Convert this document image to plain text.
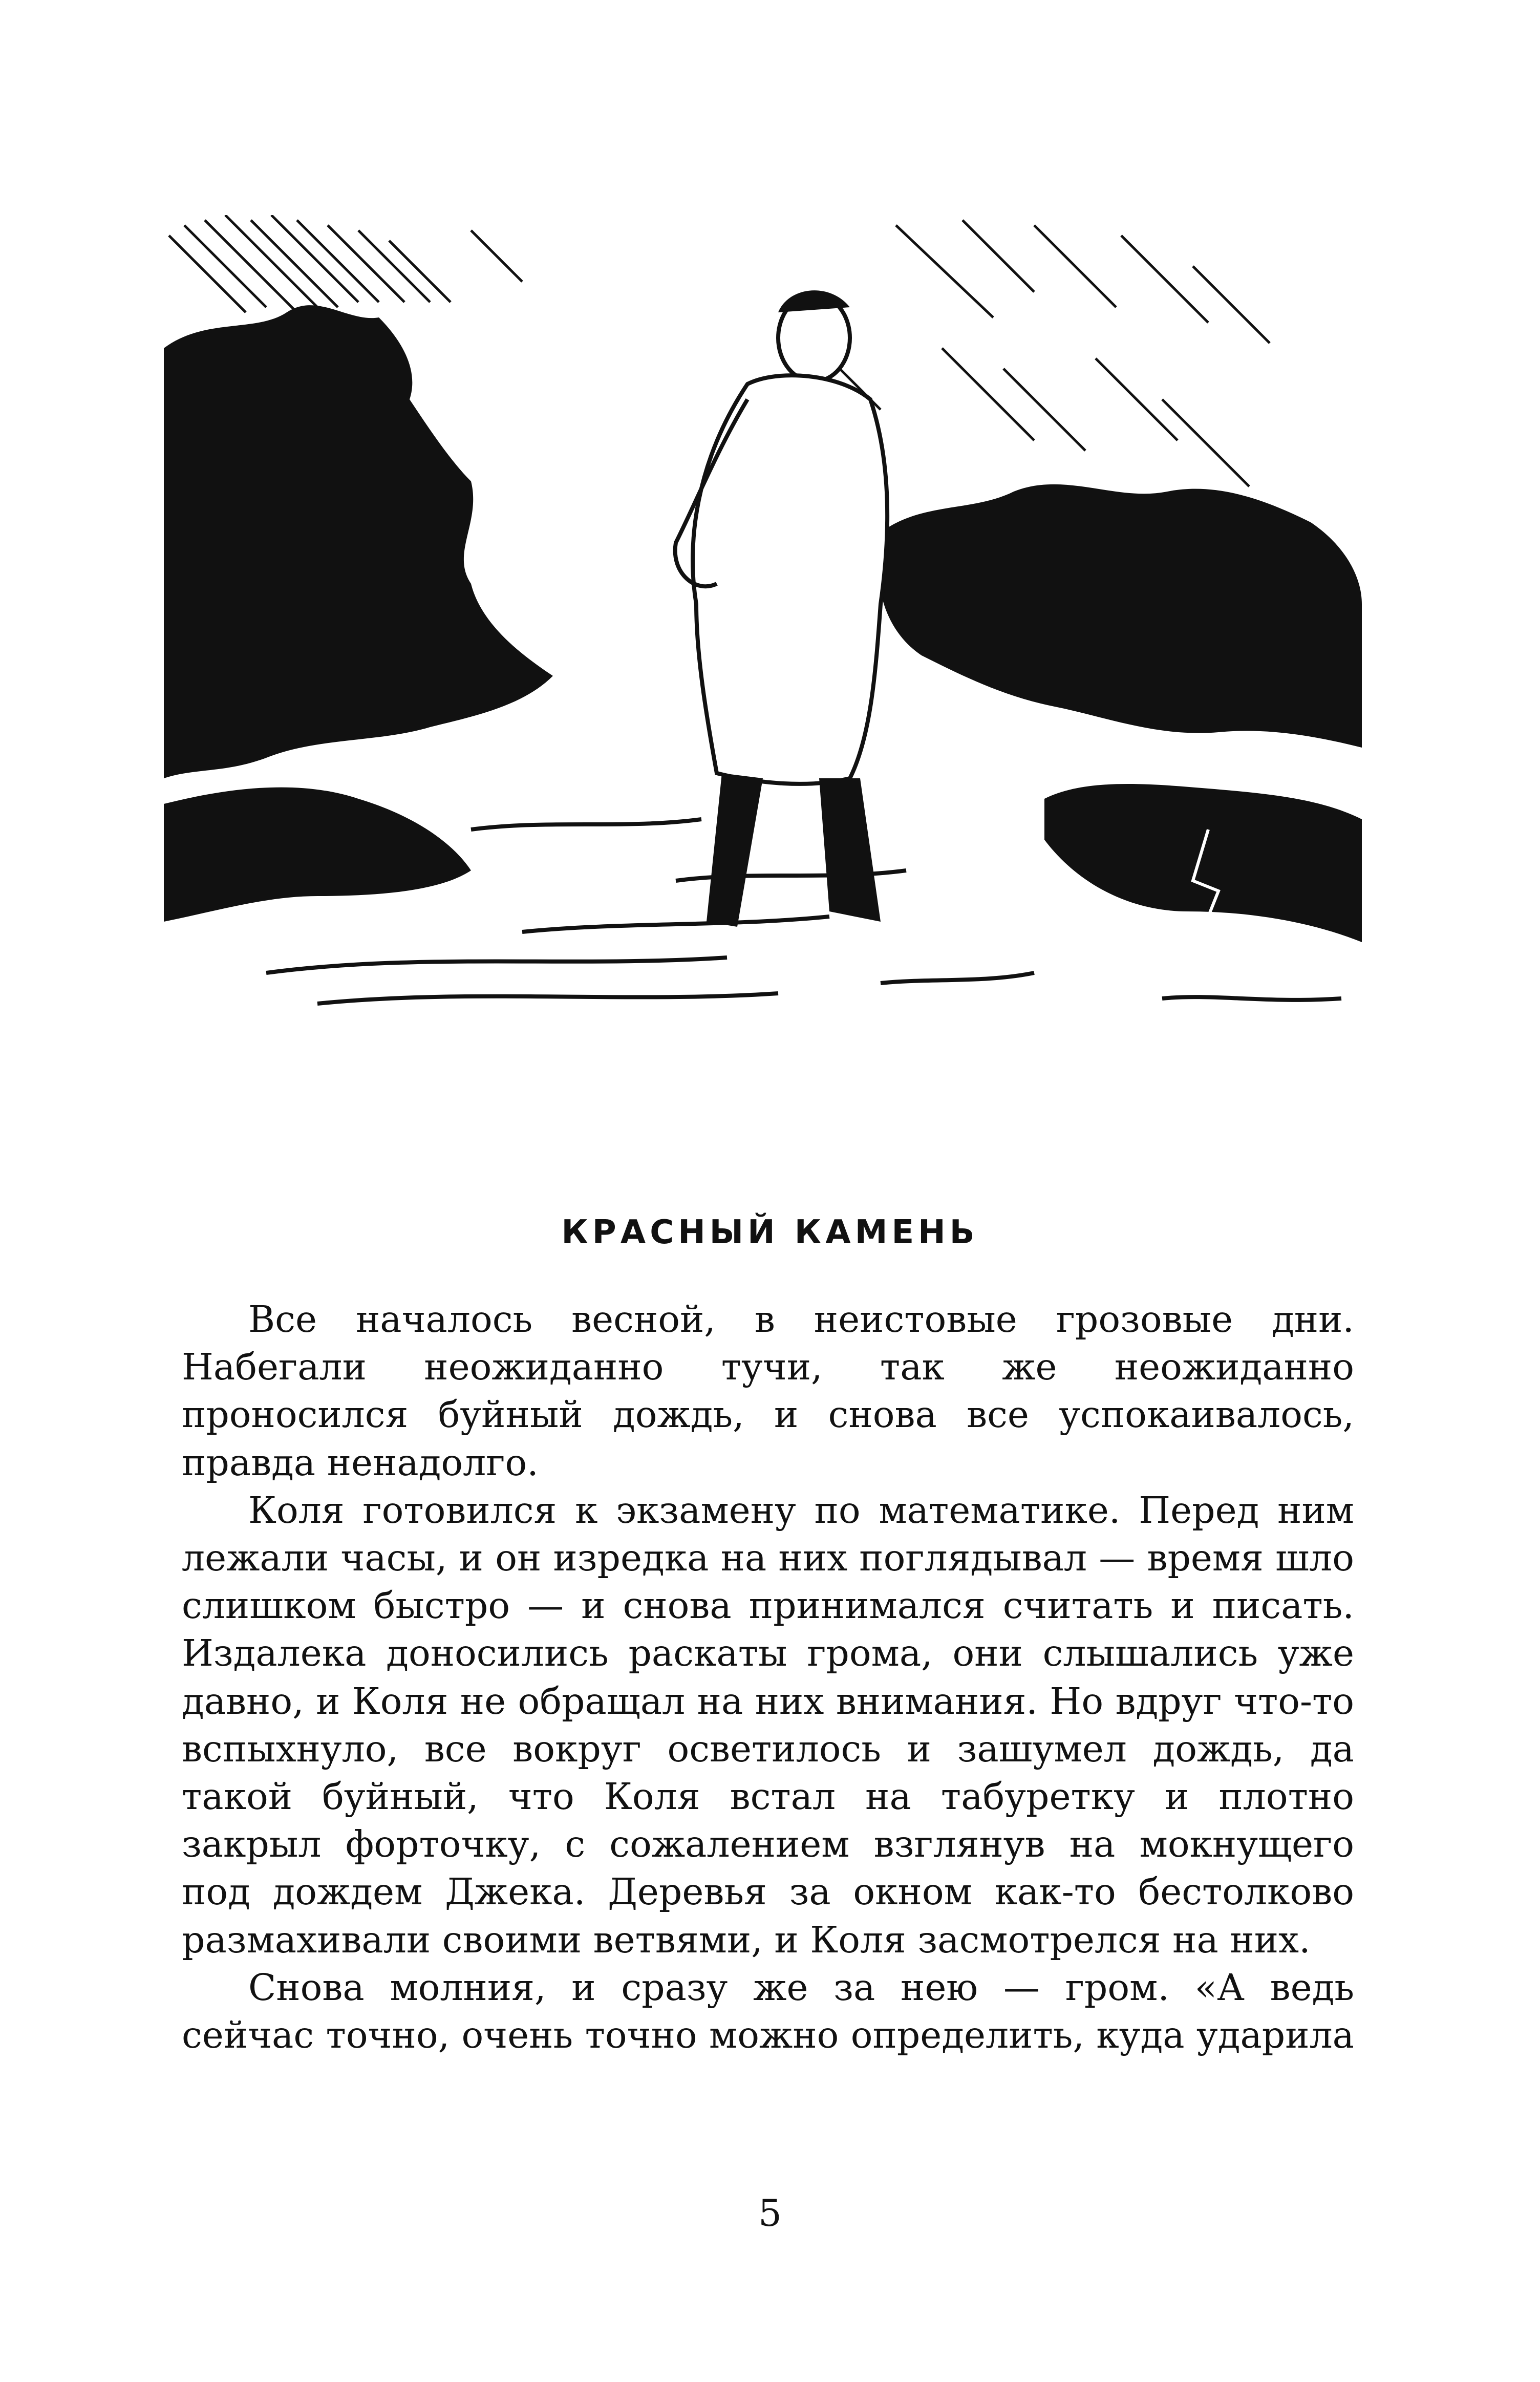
КРАСНЫЙ КАМЕНЬ

Все началось весной, в неистовые грозовые дни. Набегали неожиданно тучи, так же неожиданно проносился буйный дождь, и снова все успокаивалось, правда ненадолго.

Коля готовился к экзамену по математике. Перед ним лежали часы, и он изредка на них поглядывал — время шло слишком быстро — и снова принимался считать и писать. Издалека доносились раскаты грома, они слышались уже давно, и Коля не обращал на них внимания. Но вдруг что-то вспыхнуло, все вокруг осветилось и зашумел дождь, да такой буйный, что Коля встал на табуретку и плотно закрыл форточку, с сожалением взглянув на мокнущего под дождем Джека. Деревья за окном как-то бестолково размахивали своими ветвями, и Коля засмотрелся на них.

Снова молния, и сразу же за нею — гром. «А ведь сейчас точно, очень точно можно определить, куда ударила

5
